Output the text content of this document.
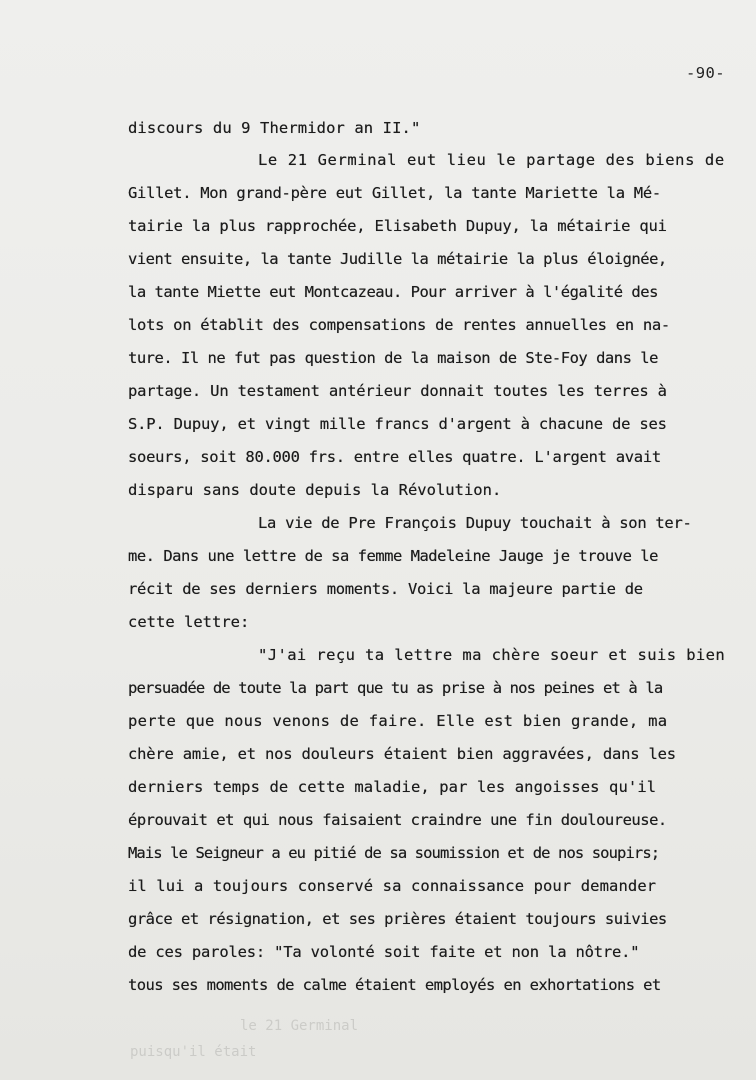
-90-
discours du 9 Thermidor an II."
Le 21 Germinal eut lieu le partage des biens de
Gillet. Mon grand-père eut Gillet, la tante Mariette la Mé-
tairie la plus rapprochée, Elisabeth Dupuy, la métairie qui
vient ensuite, la tante Judille la métairie la plus éloignée,
la tante Miette eut Montcazeau. Pour arriver à l'égalité des
lots on établit des compensations de rentes annuelles en na-
ture. Il ne fut pas question de la maison de Ste-Foy dans le
partage. Un testament antérieur donnait toutes les terres à
S.P. Dupuy, et vingt mille francs d'argent à chacune de ses
soeurs, soit 80.000 frs. entre elles quatre. L'argent avait
disparu sans doute depuis la Révolution.
La vie de Pre François Dupuy touchait à son ter-
me. Dans une lettre de sa femme Madeleine Jauge je trouve le
récit de ses derniers moments. Voici la majeure partie de
cette lettre:
"J'ai reçu ta lettre ma chère soeur et suis bien
persuadée de toute la part que tu as prise à nos peines et à la
perte que nous venons de faire. Elle est bien grande, ma
chère amie, et nos douleurs étaient bien aggravées, dans les
derniers temps de cette maladie, par les angoisses qu'il
éprouvait et qui nous faisaient craindre une fin douloureuse.
Mais le Seigneur a eu pitié de sa soumission et de nos soupirs;
il lui a toujours conservé sa connaissance pour demander
grâce et résignation, et ses prières étaient toujours suivies
de ces paroles: "Ta volonté soit faite et non la nôtre."
tous ses moments de calme étaient employés en exhortations et
le 21 Germinal
puisqu'il était
